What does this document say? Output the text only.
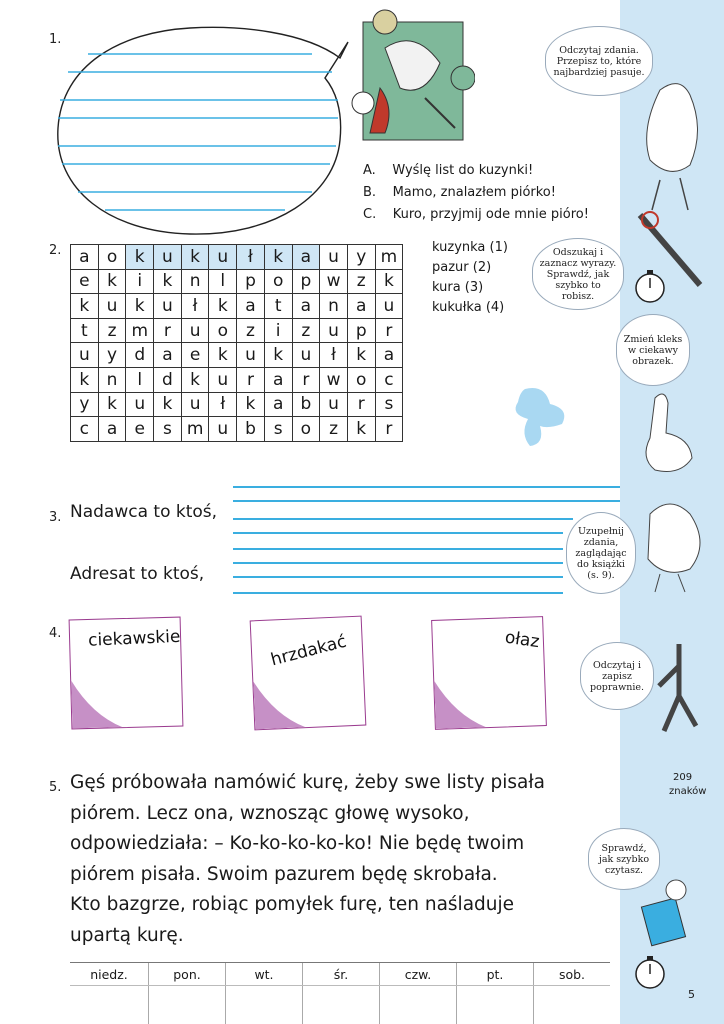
1.
A. Wyślę list do kuzynki!
B. Mamo, znalazłem piórko!
C. Kuro, przyjmij ode mnie pióro!
Odczytaj zdania. Przepisz to, które najbardziej pasuje.
Odszukaj i zaznacz wyrazy. Sprawdź, jak szybko to robisz.
Zmień kleks w ciekawy obrazek.
Uzupełnij zdania, zaglądając do książki (s. 9).
Odczytaj i zapisz poprawnie.
209
znaków
Sprawdź, jak szybko czytasz.
2. a	o	k	u	k	u	ł	k	a	u	y	m
e	k	i	k	n	l	p	o	p	w	z	k
k	u	k	u	ł	k	a	t	a	n	a	u
t	z	m	r	u	o	z	i	z	u	p	r
u	y	d	a	e	k	u	k	u	ł	k	a
k	n	l	d	k	u	r	a	r	w	o	c
y	k	u	k	u	ł	k	a	b	u	r	s
c	a	e	s	m	u	b	s	o	z	k	r
kuzynka (1)
pazur (2)
kura (3)
kukułka (4)
3. Nadawca to ktoś,
Adresat to ktoś,
4. ciekawskie	hrzdakać	ołaz
5. Gęś próbowała namówić kurę, żeby swe listy pisała
piórem. Lecz ona, wznosząc głowę wysoko,
odpowiedziała: – Ko-ko-ko-ko-ko! Nie będę twoim
piórem pisała. Swoim pazurem będę skrobała.
Kto bazgrze, robiąc pomyłek furę, ten naśladuje
upartą kurę.
niedz.	pon.	wt.	śr.	czw.	pt.	sob.
5
